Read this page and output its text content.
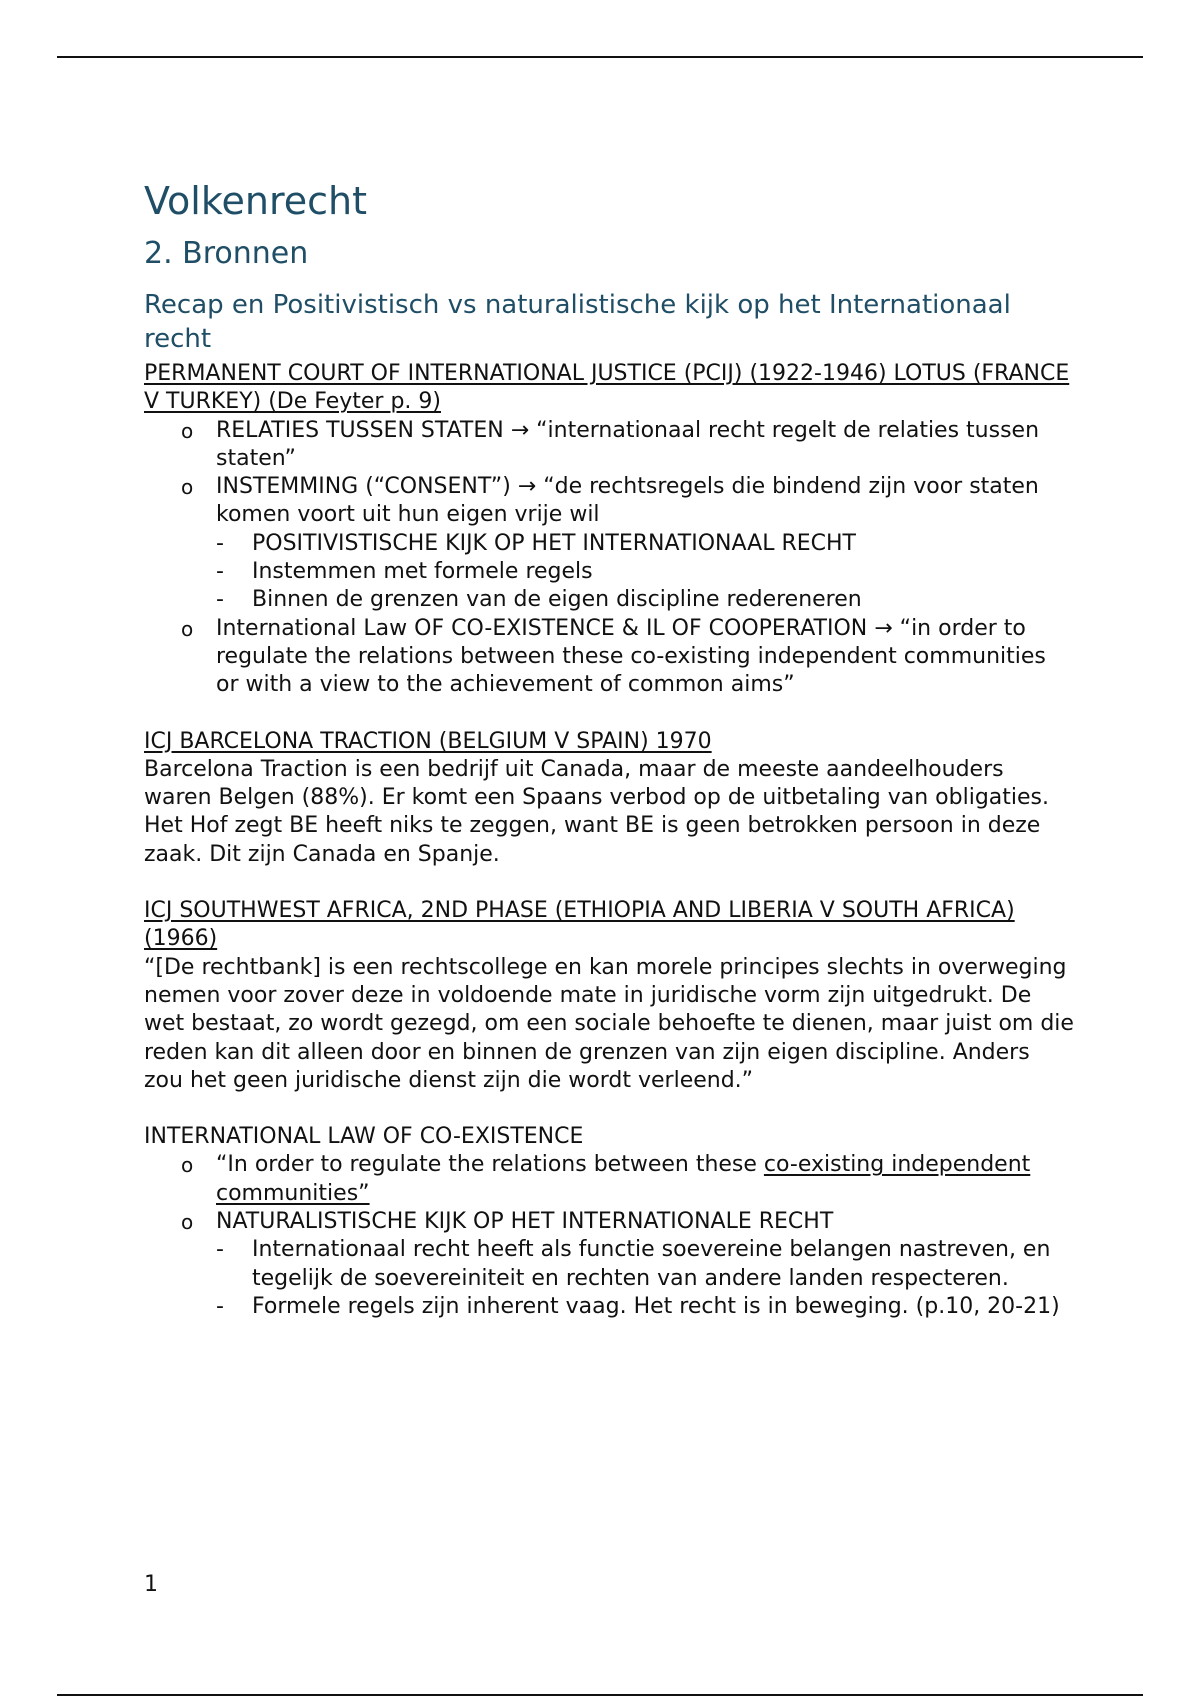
Volkenrecht
2. Bronnen
Recap en Positivistisch vs naturalistische kijk op het Internationaal recht

PERMANENT COURT OF INTERNATIONAL JUSTICE (PCIJ) (1922-1946) LOTUS (FRANCE V TURKEY) (De Feyter p. 9)

o RELATIES TUSSEN STATEN → “internationaal recht regelt de relaties tussen staten”
o INSTEMMING (“CONSENT”) → “de rechtsregels die bindend zijn voor staten komen voort uit hun eigen vrije wil
- POSITIVISTISCHE KIJK OP HET INTERNATIONAAL RECHT
- Instemmen met formele regels
- Binnen de grenzen van de eigen discipline redereneren
o International Law OF CO-EXISTENCE & IL OF COOPERATION → “in order to regulate the relations between these co-existing independent communities or with a view to the achievement of common aims”

ICJ BARCELONA TRACTION (BELGIUM V SPAIN) 1970

Barcelona Traction is een bedrijf uit Canada, maar de meeste aandeelhouders waren Belgen (88%). Er komt een Spaans verbod op de uitbetaling van obligaties. Het Hof zegt BE heeft niks te zeggen, want BE is geen betrokken persoon in deze zaak. Dit zijn Canada en Spanje.

ICJ SOUTHWEST AFRICA, 2ND PHASE (ETHIOPIA AND LIBERIA V SOUTH AFRICA) (1966)

“[De rechtbank] is een rechtscollege en kan morele principes slechts in overweging nemen voor zover deze in voldoende mate in juridische vorm zijn uitgedrukt. De wet bestaat, zo wordt gezegd, om een sociale behoefte te dienen, maar juist om die reden kan dit alleen door en binnen de grenzen van zijn eigen discipline. Anders zou het geen juridische dienst zijn die wordt verleend.”

INTERNATIONAL LAW OF CO-EXISTENCE

o “In order to regulate the relations between these co-existing independent communities”
o NATURALISTISCHE KIJK OP HET INTERNATIONALE RECHT
- Internationaal recht heeft als functie soevereine belangen nastreven, en tegelijk de soevereiniteit en rechten van andere landen respecteren.
- Formele regels zijn inherent vaag. Het recht is in beweging. (p.10, 20-21)
1
